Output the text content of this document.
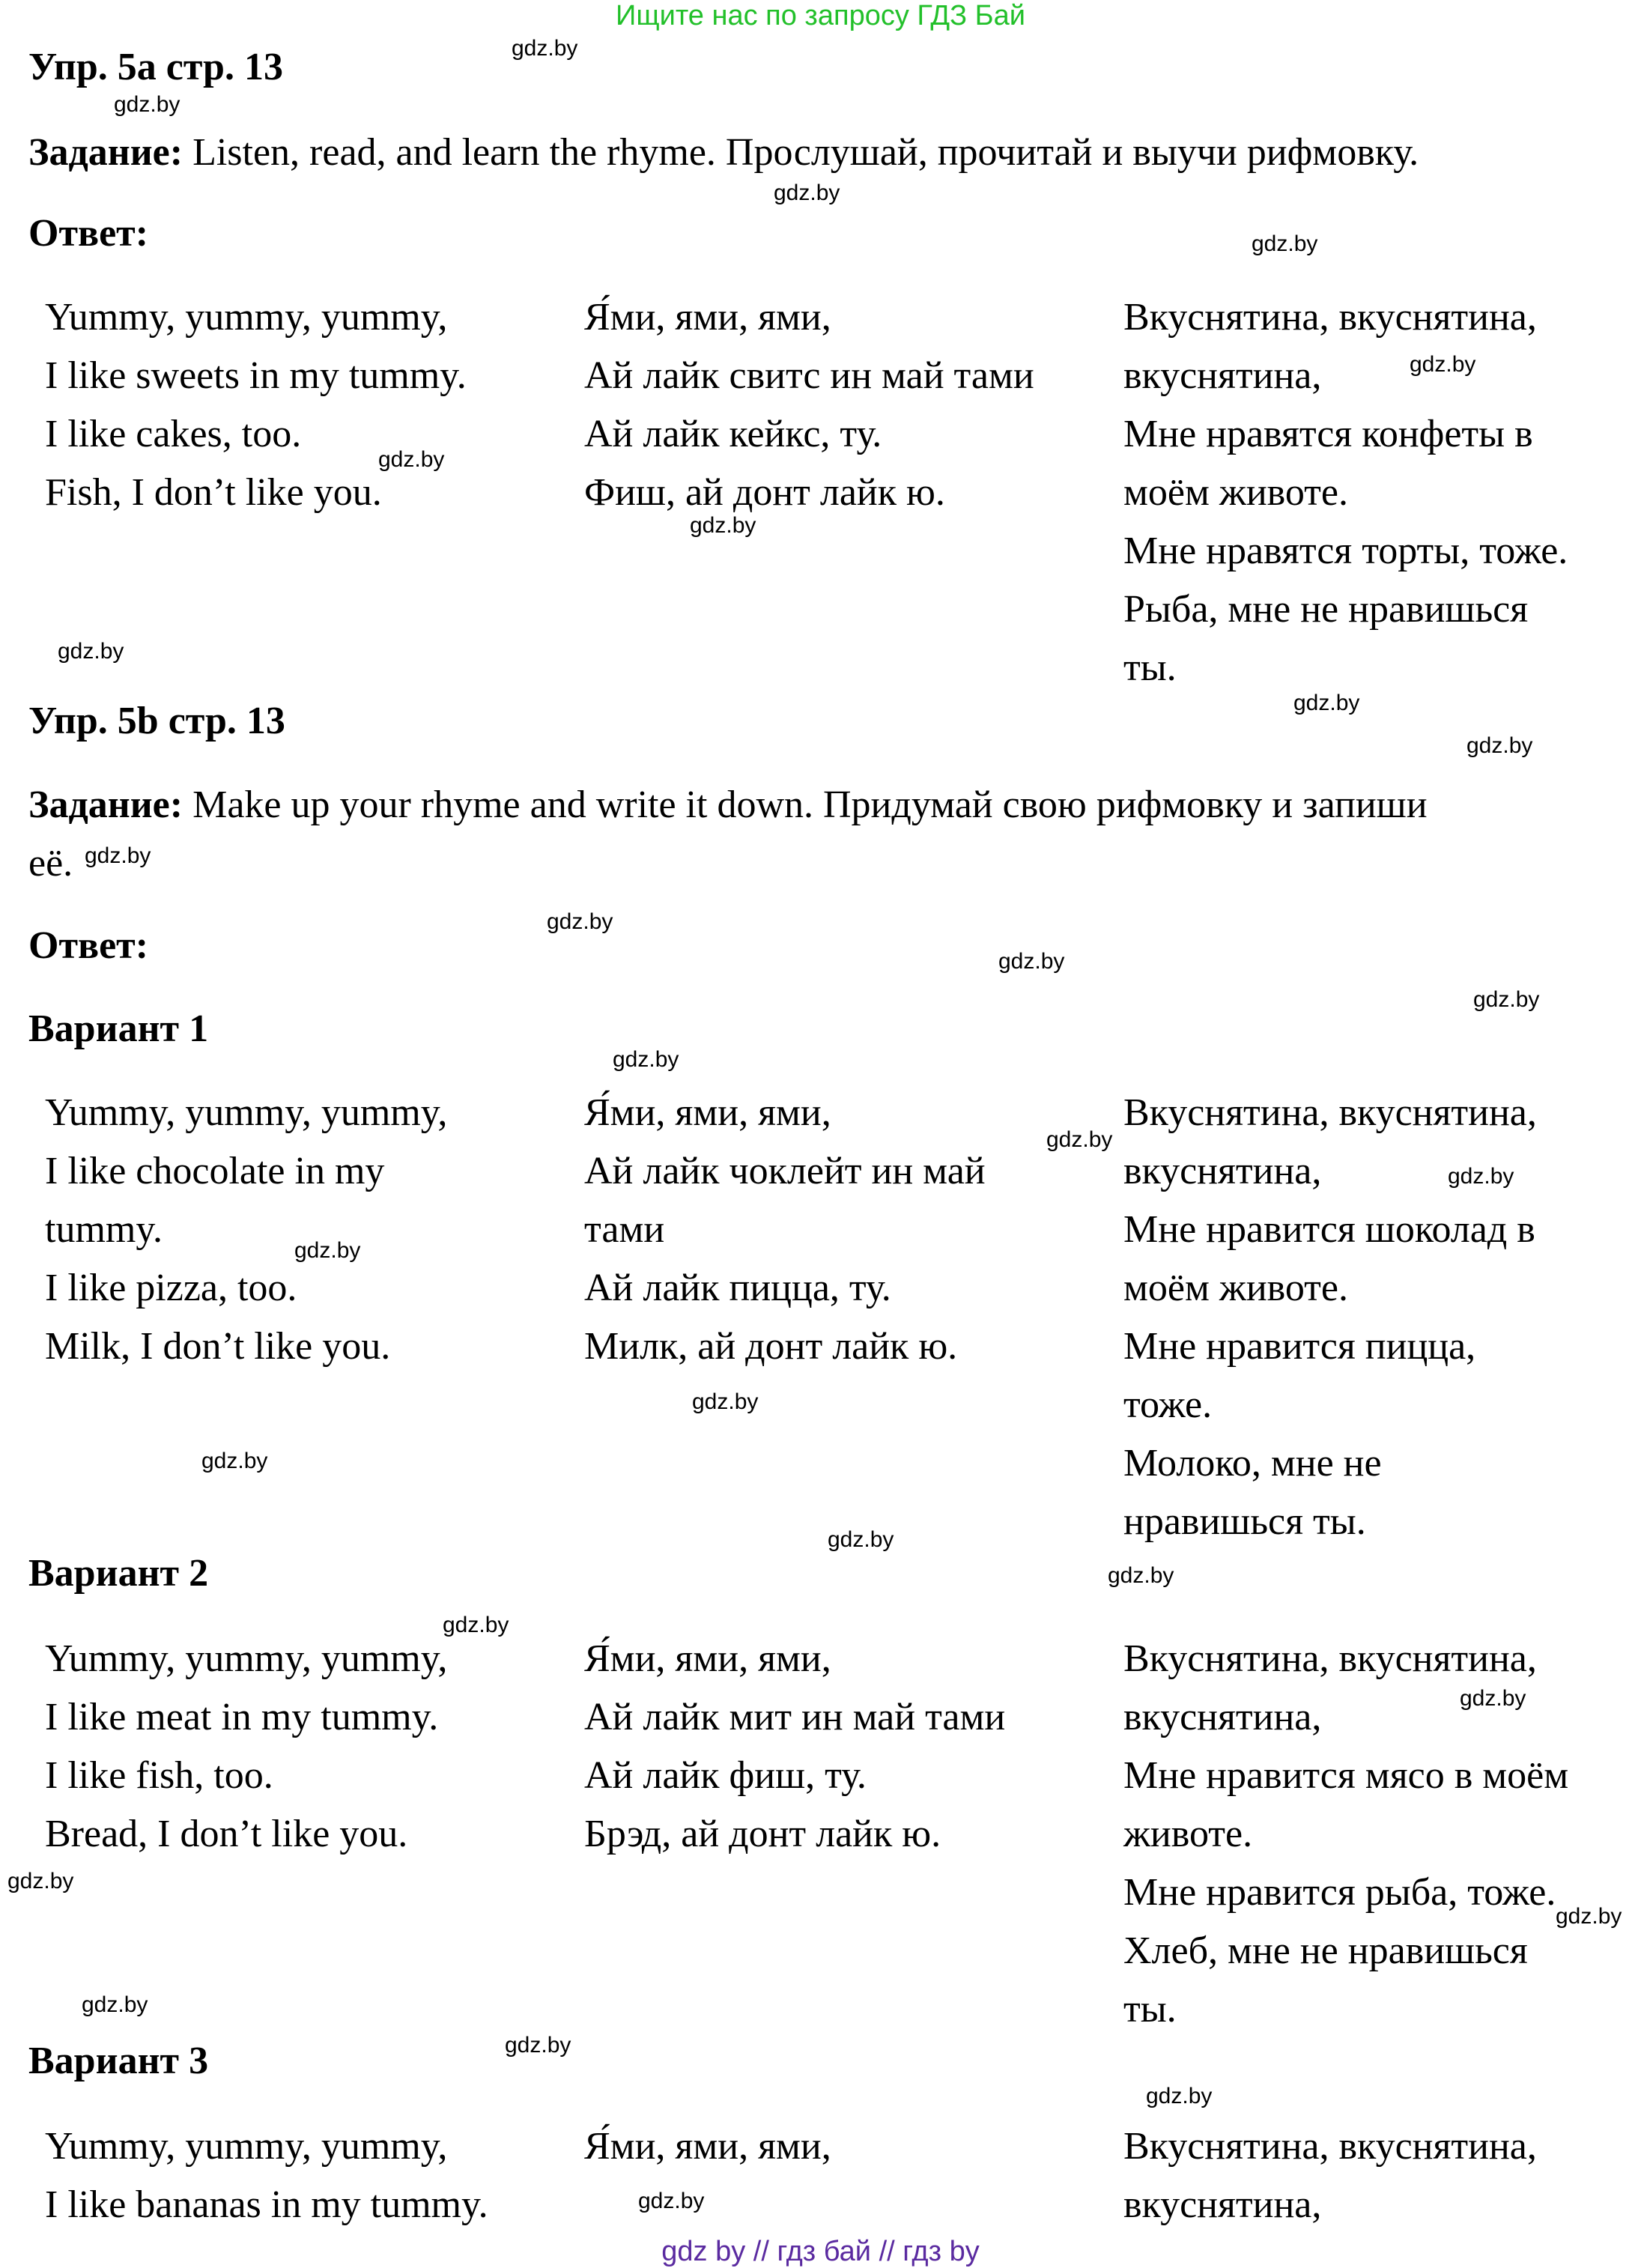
Ищите нас по запросу ГДЗ Бай
Упр. 5a стр. 13
Задание: Listen, read, and learn the rhyme. Прослушай, прочитай и выучи рифмовку.
Ответ:
Yummy, yummy, yummy,
I like sweets in my tummy.
I like cakes, too.
Fish, I don’t like you.
Я́ми, ями, ями,
Ай лайк свитс ин май тами
Ай лайк кейкс, ту.
Фиш, ай донт лайк ю.
Вкуснятина, вкуснятина,
вкуснятина,
Мне нравятся конфеты в
моём животе.
Мне нравятся торты, тоже.
Рыба, мне не нравишься
ты.
Упр. 5b стр. 13
Задание: Make up your rhyme and write it down. Придумай свою рифмовку и запиши
её.
Ответ:
Вариант 1
Yummy, yummy, yummy,
I like chocolate in my
tummy.
I like pizza, too.
Milk, I don’t like you.
Я́ми, ями, ями,
Ай лайк чоклейт ин май
тами
Ай лайк пицца, ту.
Милк, ай донт лайк ю.
Вкуснятина, вкуснятина,
вкуснятина,
Мне нравится шоколад в
моём животе.
Мне нравится пицца,
тоже.
Молоко, мне не
нравишься ты.
Вариант 2
Yummy, yummy, yummy,
I like meat in my tummy.
I like fish, too.
Bread, I don’t like you.
Я́ми, ями, ями,
Ай лайк мит ин май тами
Ай лайк фиш, ту.
Брэд, ай донт лайк ю.
Вкуснятина, вкуснятина,
вкуснятина,
Мне нравится мясо в моём
животе.
Мне нравится рыба, тоже.
Хлеб, мне не нравишься
ты.
Вариант 3
Yummy, yummy, yummy,
I like bananas in my tummy.
Я́ми, ями, ями,	Вкуснятина, вкуснятина,
вкуснятина,
gdz.by
gdz.by
gdz.by
gdz.by
gdz.by
gdz.by
gdz.by
gdz.by
gdz.by
gdz.by
gdz.by
gdz.by
gdz.by
gdz.by
gdz.by
gdz.by
gdz.by
gdz.by
gdz.by
gdz.by
gdz.by
gdz.by
gdz.by
gdz.by
gdz.by
gdz.by
gdz.by
gdz.by
gdz.by
gdz.by
gdz by // гдз бай // гдз by
